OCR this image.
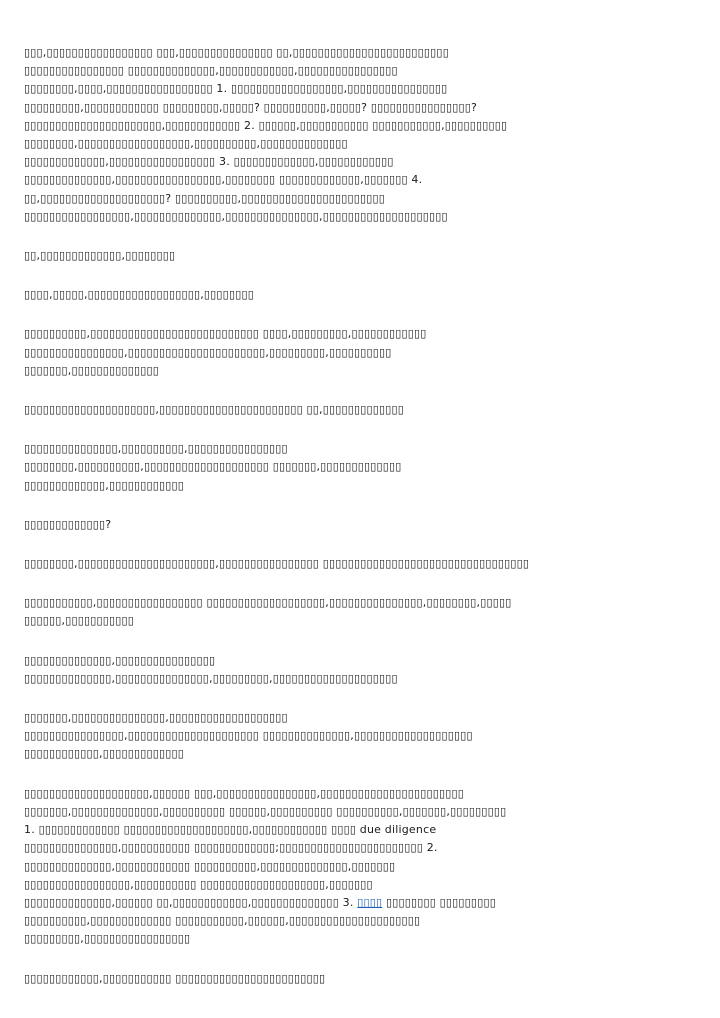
▯▯▯,▯▯▯▯▯▯▯▯▯▯▯▯▯▯▯▯▯ ▯▯▯,▯▯▯▯▯▯▯▯▯▯▯▯▯▯▯ ▯▯,▯▯▯▯▯▯▯▯▯▯▯▯▯▯▯▯▯▯▯▯▯▯▯▯▯
▯▯▯▯▯▯▯▯▯▯▯▯▯▯▯▯ ▯▯▯▯▯▯▯▯▯▯▯▯▯▯,▯▯▯▯▯▯▯▯▯▯▯▯,▯▯▯▯▯▯▯▯▯▯▯▯▯▯▯▯
▯▯▯▯▯▯▯▯,▯▯▯▯,▯▯▯▯▯▯▯▯▯▯▯▯▯▯▯▯▯ 1. ▯▯▯▯▯▯▯▯▯▯▯▯▯▯▯▯▯▯,▯▯▯▯▯▯▯▯▯▯▯▯▯▯▯▯
▯▯▯▯▯▯▯▯▯,▯▯▯▯▯▯▯▯▯▯▯▯ ▯▯▯▯▯▯▯▯▯,▯▯▯▯▯? ▯▯▯▯▯▯▯▯▯▯,▯▯▯▯▯? ▯▯▯▯▯▯▯▯▯▯▯▯▯▯▯▯?
▯▯▯▯▯▯▯▯▯▯▯▯▯▯▯▯▯▯▯▯▯▯,▯▯▯▯▯▯▯▯▯▯▯▯ 2. ▯▯▯▯▯▯,▯▯▯▯▯▯▯▯▯▯▯ ▯▯▯▯▯▯▯▯▯▯▯,▯▯▯▯▯▯▯▯▯▯
▯▯▯▯▯▯▯▯,▯▯▯▯▯▯▯▯▯▯▯▯▯▯▯▯▯▯,▯▯▯▯▯▯▯▯▯▯,▯▯▯▯▯▯▯▯▯▯▯▯▯▯
▯▯▯▯▯▯▯▯▯▯▯▯▯,▯▯▯▯▯▯▯▯▯▯▯▯▯▯▯▯▯ 3. ▯▯▯▯▯▯▯▯▯▯▯▯▯,▯▯▯▯▯▯▯▯▯▯▯▯
▯▯▯▯▯▯▯▯▯▯▯▯▯▯,▯▯▯▯▯▯▯▯▯▯▯▯▯▯▯▯▯,▯▯▯▯▯▯▯▯ ▯▯▯▯▯▯▯▯▯▯▯▯▯,▯▯▯▯▯▯▯ 4.
▯▯,▯▯▯▯▯▯▯▯▯▯▯▯▯▯▯▯▯▯▯▯? ▯▯▯▯▯▯▯▯▯▯,▯▯▯▯▯▯▯▯▯▯▯▯▯▯▯▯▯▯▯▯▯▯▯
▯▯▯▯▯▯▯▯▯▯▯▯▯▯▯▯▯,▯▯▯▯▯▯▯▯▯▯▯▯▯▯,▯▯▯▯▯▯▯▯▯▯▯▯▯▯▯,▯▯▯▯▯▯▯▯▯▯▯▯▯▯▯▯▯▯▯▯

▯▯,▯▯▯▯▯▯▯▯▯▯▯▯▯,▯▯▯▯▯▯▯▯

▯▯▯▯,▯▯▯▯▯,▯▯▯▯▯▯▯▯▯▯▯▯▯▯▯▯▯▯,▯▯▯▯▯▯▯▯

▯▯▯▯▯▯▯▯▯▯,▯▯▯▯▯▯▯▯▯▯▯▯▯▯▯▯▯▯▯▯▯▯▯▯▯▯▯ ▯▯▯▯,▯▯▯▯▯▯▯▯▯,▯▯▯▯▯▯▯▯▯▯▯▯
▯▯▯▯▯▯▯▯▯▯▯▯▯▯▯▯,▯▯▯▯▯▯▯▯▯▯▯▯▯▯▯▯▯▯▯▯▯▯,▯▯▯▯▯▯▯▯▯,▯▯▯▯▯▯▯▯▯▯
▯▯▯▯▯▯▯,▯▯▯▯▯▯▯▯▯▯▯▯▯▯

▯▯▯▯▯▯▯▯▯▯▯▯▯▯▯▯▯▯▯▯▯,▯▯▯▯▯▯▯▯▯▯▯▯▯▯▯▯▯▯▯▯▯▯▯ ▯▯,▯▯▯▯▯▯▯▯▯▯▯▯▯

▯▯▯▯▯▯▯▯▯▯▯▯▯▯▯,▯▯▯▯▯▯▯▯▯▯,▯▯▯▯▯▯▯▯▯▯▯▯▯▯▯▯
▯▯▯▯▯▯▯▯,▯▯▯▯▯▯▯▯▯▯,▯▯▯▯▯▯▯▯▯▯▯▯▯▯▯▯▯▯▯▯ ▯▯▯▯▯▯▯,▯▯▯▯▯▯▯▯▯▯▯▯▯
▯▯▯▯▯▯▯▯▯▯▯▯▯,▯▯▯▯▯▯▯▯▯▯▯▯

▯▯▯▯▯▯▯▯▯▯▯▯▯?

▯▯▯▯▯▯▯▯,▯▯▯▯▯▯▯▯▯▯▯▯▯▯▯▯▯▯▯▯▯▯,▯▯▯▯▯▯▯▯▯▯▯▯▯▯▯▯ ▯▯▯▯▯▯▯▯▯▯▯▯▯▯▯▯▯▯▯▯▯▯▯▯▯▯▯▯▯▯▯▯▯

▯▯▯▯▯▯▯▯▯▯▯,▯▯▯▯▯▯▯▯▯▯▯▯▯▯▯▯▯ ▯▯▯▯▯▯▯▯▯▯▯▯▯▯▯▯▯▯▯,▯▯▯▯▯▯▯▯▯▯▯▯▯▯▯,▯▯▯▯▯▯▯▯,▯▯▯▯▯
▯▯▯▯▯▯,▯▯▯▯▯▯▯▯▯▯▯

▯▯▯▯▯▯▯▯▯▯▯▯▯▯,▯▯▯▯▯▯▯▯▯▯▯▯▯▯▯▯
▯▯▯▯▯▯▯▯▯▯▯▯▯▯,▯▯▯▯▯▯▯▯▯▯▯▯▯▯▯,▯▯▯▯▯▯▯▯▯,▯▯▯▯▯▯▯▯▯▯▯▯▯▯▯▯▯▯▯▯

▯▯▯▯▯▯▯,▯▯▯▯▯▯▯▯▯▯▯▯▯▯▯,▯▯▯▯▯▯▯▯▯▯▯▯▯▯▯▯▯▯▯
▯▯▯▯▯▯▯▯▯▯▯▯▯▯▯▯,▯▯▯▯▯▯▯▯▯▯▯▯▯▯▯▯▯▯▯▯▯ ▯▯▯▯▯▯▯▯▯▯▯▯▯▯,▯▯▯▯▯▯▯▯▯▯▯▯▯▯▯▯▯▯▯
▯▯▯▯▯▯▯▯▯▯▯▯,▯▯▯▯▯▯▯▯▯▯▯▯▯

▯▯▯▯▯▯▯▯▯▯▯▯▯▯▯▯▯▯▯▯,▯▯▯▯▯▯ ▯▯▯,▯▯▯▯▯▯▯▯▯▯▯▯▯▯▯▯,▯▯▯▯▯▯▯▯▯▯▯▯▯▯▯▯▯▯▯▯▯▯▯
▯▯▯▯▯▯▯,▯▯▯▯▯▯▯▯▯▯▯▯▯▯,▯▯▯▯▯▯▯▯▯▯ ▯▯▯▯▯▯,▯▯▯▯▯▯▯▯▯▯ ▯▯▯▯▯▯▯▯▯▯,▯▯▯▯▯▯▯,▯▯▯▯▯▯▯▯▯
1. ▯▯▯▯▯▯▯▯▯▯▯▯▯ ▯▯▯▯▯▯▯▯▯▯▯▯▯▯▯▯▯▯▯▯,▯▯▯▯▯▯▯▯▯▯▯▯ ▯▯▯▯ due diligence
▯▯▯▯▯▯▯▯▯▯▯▯▯▯▯,▯▯▯▯▯▯▯▯▯▯▯ ▯▯▯▯▯▯▯▯▯▯▯▯▯;▯▯▯▯▯▯▯▯▯▯▯▯▯▯▯▯▯▯▯▯▯▯▯ 2.
▯▯▯▯▯▯▯▯▯▯▯▯▯▯,▯▯▯▯▯▯▯▯▯▯▯▯ ▯▯▯▯▯▯▯▯▯▯,▯▯▯▯▯▯▯▯▯▯▯▯▯▯,▯▯▯▯▯▯▯
▯▯▯▯▯▯▯▯▯▯▯▯▯▯▯▯▯,▯▯▯▯▯▯▯▯▯▯ ▯▯▯▯▯▯▯▯▯▯▯▯▯▯▯▯▯▯▯▯,▯▯▯▯▯▯▯
▯▯▯▯▯▯▯▯▯▯▯▯▯▯,▯▯▯▯▯▯ ▯▯,▯▯▯▯▯▯▯▯▯▯▯▯,▯▯▯▯▯▯▯▯▯▯▯▯▯▯ 3. ▯▯▯▯ ▯▯▯▯▯▯▯▯ ▯▯▯▯▯▯▯▯▯
▯▯▯▯▯▯▯▯▯▯,▯▯▯▯▯▯▯▯▯▯▯▯▯ ▯▯▯▯▯▯▯▯▯▯▯,▯▯▯▯▯▯,▯▯▯▯▯▯▯▯▯▯▯▯▯▯▯▯▯▯▯▯▯
▯▯▯▯▯▯▯▯▯,▯▯▯▯▯▯▯▯▯▯▯▯▯▯▯▯▯

▯▯▯▯▯▯▯▯▯▯▯▯,▯▯▯▯▯▯▯▯▯▯▯ ▯▯▯▯▯▯▯▯▯▯▯▯▯▯▯▯▯▯▯▯▯▯▯▯
